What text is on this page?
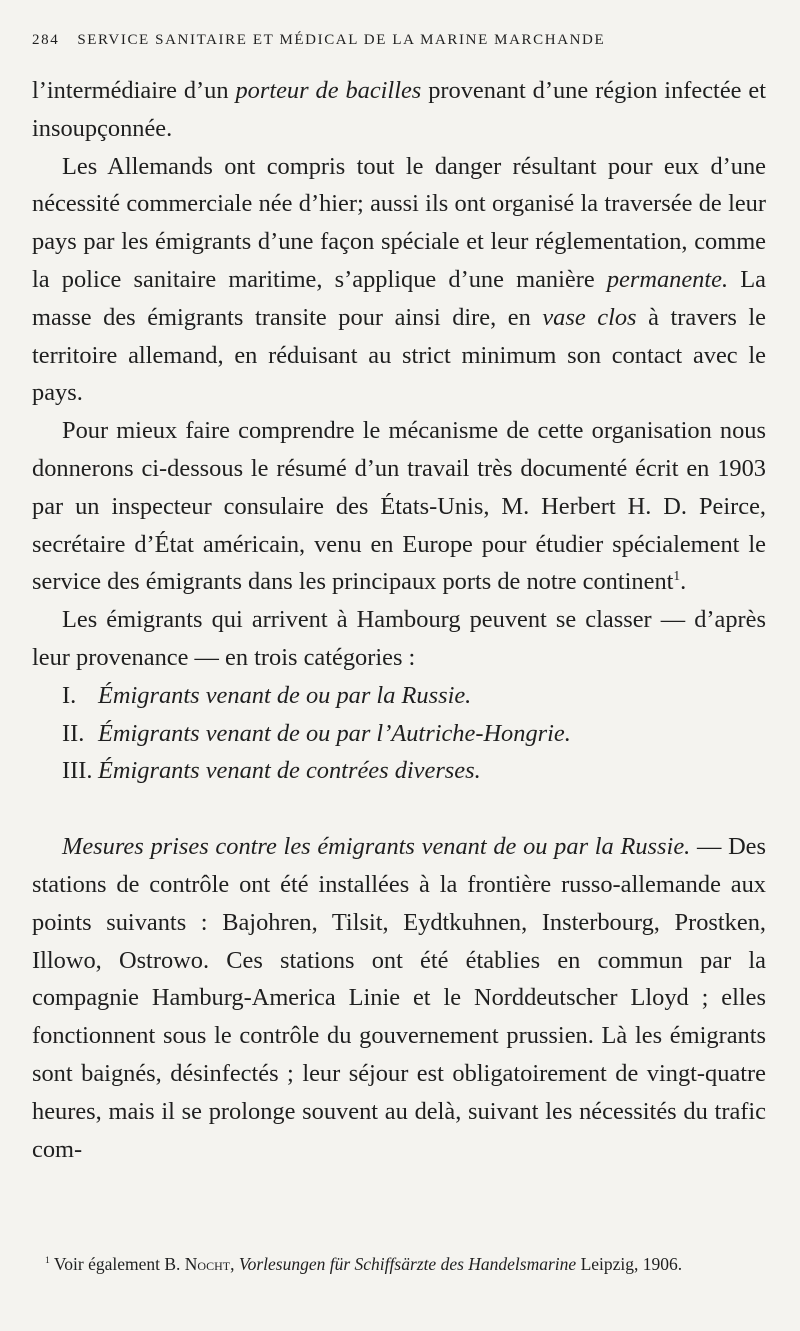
284 SERVICE SANITAIRE ET MÉDICAL DE LA MARINE MARCHANDE

l’intermédiaire d’un porteur de bacilles provenant d’une région infectée et insoupçonnée.

Les Allemands ont compris tout le danger résultant pour eux d’une nécessité commerciale née d’hier; aussi ils ont organisé la traversée de leur pays par les émigrants d’une façon spéciale et leur réglementation, comme la police sanitaire maritime, s’applique d’une manière permanente. La masse des émigrants transite pour ainsi dire, en vase clos à travers le territoire allemand, en réduisant au strict minimum son contact avec le pays.

Pour mieux faire comprendre le mécanisme de cette organisation nous donnerons ci-dessous le résumé d’un travail très documenté écrit en 1903 par un inspecteur consulaire des États-Unis, M. Herbert H. D. Peirce, secrétaire d’État américain, venu en Europe pour étudier spécialement le service des émigrants dans les principaux ports de notre continent$^1$.

Les émigrants qui arrivent à Hambourg peuvent se classer — d’après leur provenance — en trois catégories :

I. Émigrants venant de ou par la Russie.
II. Émigrants venant de ou par l’Autriche-Hongrie.
III. Émigrants venant de contrées diverses.

Mesures prises contre les émigrants venant de ou par la Russie. — Des stations de contrôle ont été installées à la frontière russo-allemande aux points suivants : Bajohren, Tilsit, Eydtkuhnen, Insterbourg, Prostken, Illowo, Ostrowo. Ces stations ont été établies en commun par la compagnie Hamburg-America Linie et le Norddeutscher Lloyd ; elles fonctionnent sous le contrôle du gouvernement prussien. Là les émigrants sont baignés, désinfectés ; leur séjour est obligatoirement de vingt-quatre heures, mais il se prolonge souvent au delà, suivant les nécessités du trafic com-

$^1$ Voir également B. Nocht, Vorlesungen für Schiffsärzte des Handelsmarine Leipzig, 1906.
